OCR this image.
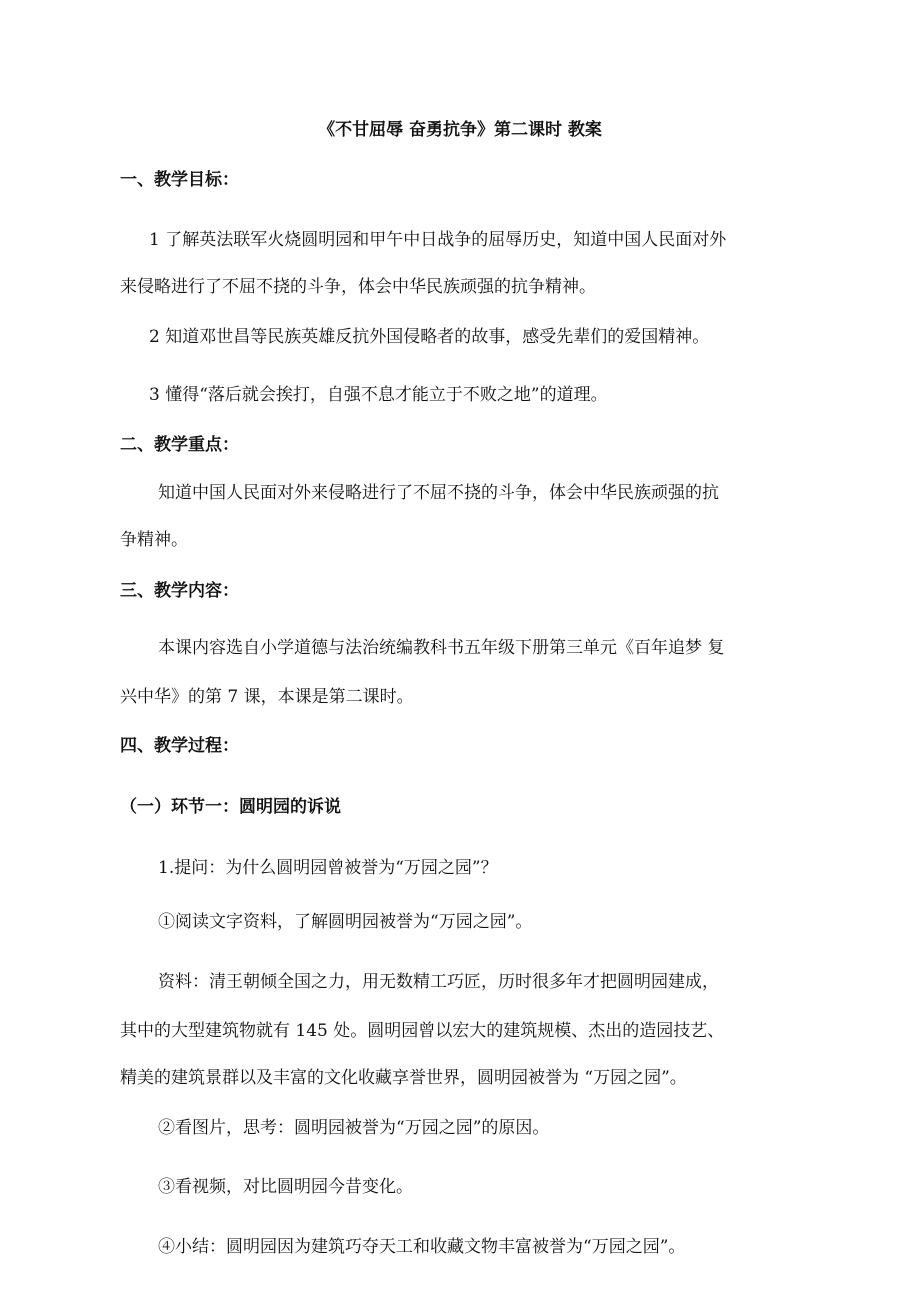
《不甘屈辱 奋勇抗争》第二课时 教案
一、教学目标：
1 了解英法联军火烧圆明园和甲午中日战争的屈辱历史，知道中国人民面对外
来侵略进行了不屈不挠的斗争，体会中华民族顽强的抗争精神。
2 知道邓世昌等民族英雄反抗外国侵略者的故事，感受先辈们的爱国精神。
3 懂得“落后就会挨打，自强不息才能立于不败之地”的道理。
二、教学重点：
知道中国人民面对外来侵略进行了不屈不挠的斗争，体会中华民族顽强的抗
争精神。
三、教学内容：
本课内容选自小学道德与法治统编教科书五年级下册第三单元《百年追梦 复
兴中华》的第 7 课，本课是第二课时。
四、教学过程：
（一）环节一：圆明园的诉说
1.提问：为什么圆明园曾被誉为“万园之园”？
①阅读文字资料，了解圆明园被誉为“万园之园”。
资料：清王朝倾全国之力，用无数精工巧匠，历时很多年才把圆明园建成，
其中的大型建筑物就有 145 处。圆明园曾以宏大的建筑规模、杰出的造园技艺、
精美的建筑景群以及丰富的文化收藏享誉世界，圆明园被誉为 “万园之园”。
②看图片，思考：圆明园被誉为“万园之园”的原因。
③看视频，对比圆明园今昔变化。
④小结：圆明园因为建筑巧夺天工和收藏文物丰富被誉为“万园之园”。
